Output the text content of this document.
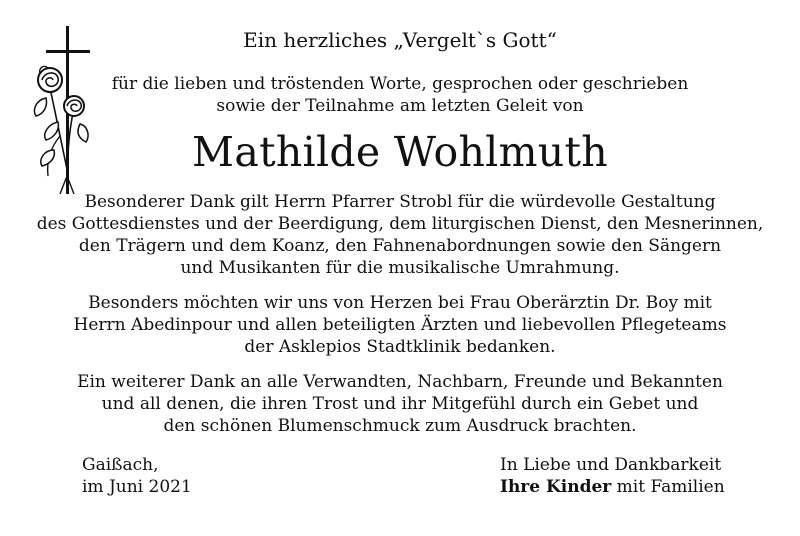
Ein herzliches „Vergelt`s Gott“
für die lieben und tröstenden Worte, gesprochen oder geschrieben
sowie der Teilnahme am letzten Geleit von
Mathilde Wohlmuth
Besonderer Dank gilt Herrn Pfarrer Strobl für die würdevolle Gestaltung
des Gottesdienstes und der Beerdigung, dem liturgischen Dienst, den Mesnerinnen,
den Trägern und dem Koanz, den Fahnenabordnungen sowie den Sängern
und Musikanten für die musikalische Umrahmung.
Besonders möchten wir uns von Herzen bei Frau Oberärztin Dr. Boy mit
Herrn Abedinpour und allen beteiligten Ärzten und liebevollen Pflegeteams
der Asklepios Stadtklinik bedanken.
Ein weiterer Dank an alle Verwandten, Nachbarn, Freunde und Bekannten
und all denen, die ihren Trost und ihr Mitgefühl durch ein Gebet und
den schönen Blumenschmuck zum Ausdruck brachten.
Gaißach,
im Juni 2021
In Liebe und Dankbarkeit
Ihre Kinder mit Familien
